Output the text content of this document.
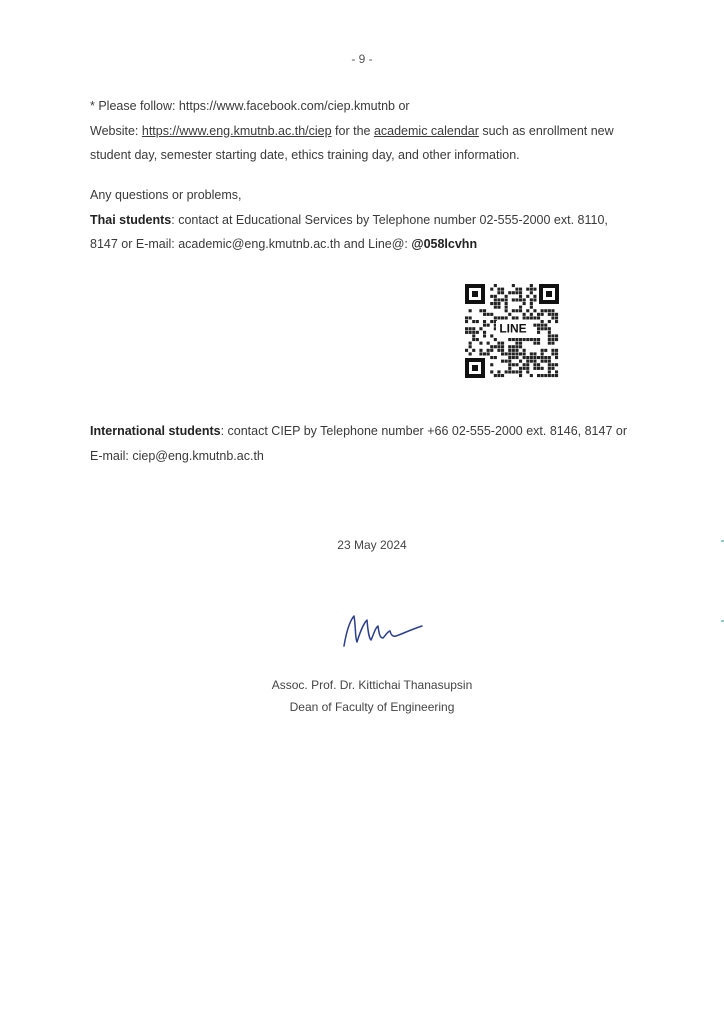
- 9 -
* Please follow: https://www.facebook.com/ciep.kmutnb or
Website: https://www.eng.kmutnb.ac.th/ciep for the academic calendar such as enrollment new
student day, semester starting date, ethics training day, and other information.
Any questions or problems,
Thai students: contact at Educational Services by Telephone number 02-555-2000 ext. 8110,
8147 or E-mail: academic@eng.kmutnb.ac.th and Line@: @058lcvhn
LINE
International students: contact CIEP by Telephone number +66 02-555-2000 ext. 8146, 8147 or
E-mail: ciep@eng.kmutnb.ac.th
23 May 2024
Assoc. Prof. Dr. Kittichai Thanasupsin
Dean of Faculty of Engineering
